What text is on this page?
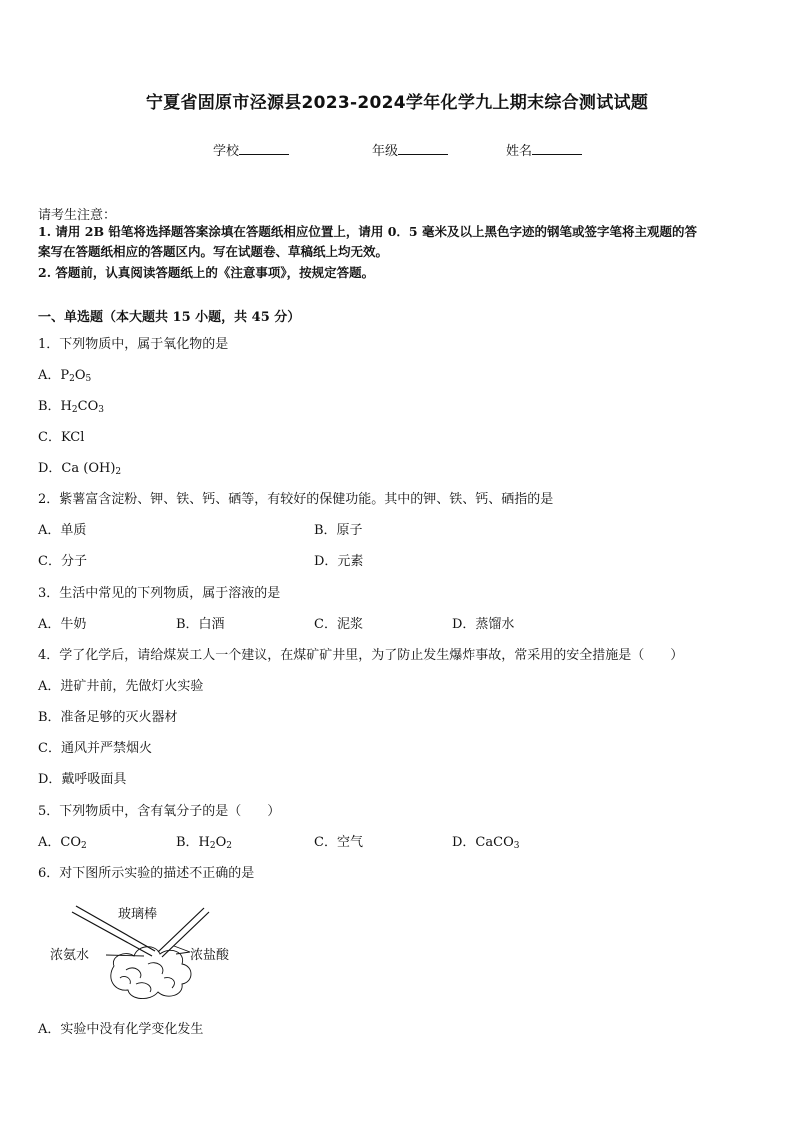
宁夏省固原市泾源县2023-2024学年化学九上期末综合测试试题
学校	年级	姓名
请考生注意：
1. 请用 2B 铅笔将选择题答案涂填在答题纸相应位置上，请用 0．5 毫米及以上黑色字迹的钢笔或签字笔将主观题的答
案写在答题纸相应的答题区内。写在试题卷、草稿纸上均无效。
2. 答题前，认真阅读答题纸上的《注意事项》，按规定答题。
一、单选题（本大题共 15 小题，共 45 分）
1．下列物质中，属于氧化物的是
A．$P_2O_5$
B．$H_2CO_3$
C．KCl
D．Ca $(OH)_2$
2．紫薯富含淀粉、钾、铁、钙、硒等，有较好的保健功能。其中的钾、铁、钙、硒指的是
A．单质	B．原子
C．分子	D．元素
3．生活中常见的下列物质，属于溶液的是
A．牛奶	B．白酒	C．泥浆	D．蒸馏水
4．学了化学后，请给煤炭工人一个建议，在煤矿矿井里，为了防止发生爆炸事故，常采用的安全措施是（　　）
A．进矿井前，先做灯火实验
B．准备足够的灭火器材
C．通风并严禁烟火
D．戴呼吸面具
5．下列物质中，含有氧分子的是（　　）
A．$CO_2$	B．$H_2O_2$	C．空气	D．CaCO$_3$
6．对下图所示实验的描述不正确的是
玻璃棒
浓氨水	浓盐酸
A．实验中没有化学变化发生
